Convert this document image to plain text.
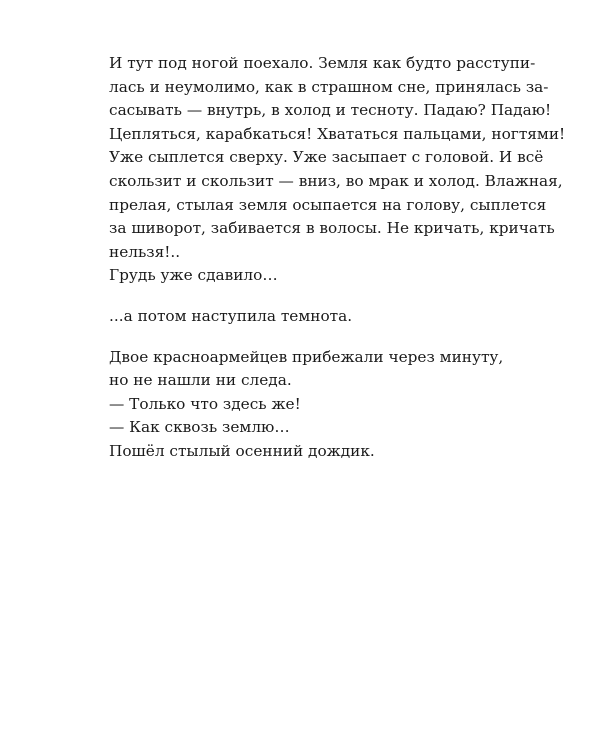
И тут под ногой поехало. Земля как будто расступи-
лась и неумолимо, как в страшном сне, принялась за-
сасывать — внутрь, в холод и тесноту. Падаю? Падаю!
Цепляться, карабкаться! Хвататься пальцами, ногтями!
Уже сыплется сверху. Уже засыпает с головой. И всё
скользит и скользит — вниз, во мрак и холод. Влажная,
прелая, стылая земля осыпается на голову, сыплется
за шиворот, забивается в волосы. Не кричать, кричать
нельзя!..

Грудь уже сдавило…

...а потом наступила темнота.

Двое красноармейцев прибежали через минуту,
но не нашли ни следа.

— Только что здесь же!

— Как сквозь землю…

Пошёл стылый осенний дождик.
